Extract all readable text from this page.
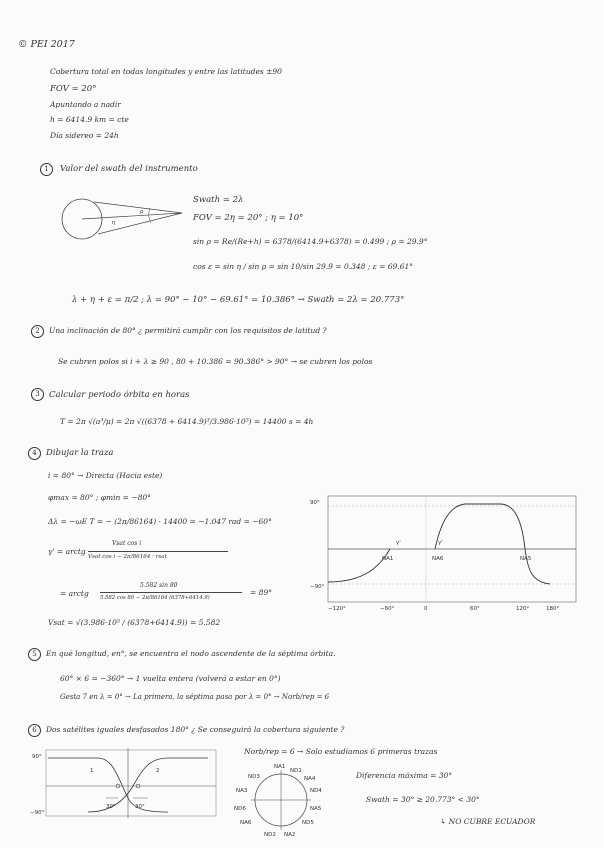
© PEI 2017
Cobertura total en todas longitudes y entre las latitudes ±90
FOV = 20°
Apuntando a nadir
h = 6414.9 km = cte
Día sidereo = 24h
1	Valor del swath del instrumento
η
ρ
Swath = 2λ
FOV = 2η = 20° ; η = 10°
sin ρ = Re/(Re+h) = 6378/(6414.9+6378) = 0.499 ; ρ = 29.9°
cos ε = sin η / sin ρ = sin 10/sin 29.9 = 0.348 ; ε = 69.61°
λ + η + ε = π/2 ; λ = 90° − 10° − 69.61° = 10.386° → Swath = 2λ = 20.773°
2	Una inclinación de 80° ¿ permitirá cumplir con los requisitos de latitud ?
Se cubren polos si i + λ ≥ 90 , 80 + 10.386 = 90.386° > 90° → se cubren los polos
3	Calcular periodo órbita en horas
T = 2π √(a³/μ) = 2π √((6378 + 6414.9)³/3.986·10⁵) = 14400 s = 4h
4	Dibujar la traza
i = 80° → Directa (Hacia este)
φmax = 80° ; φmin = −80°
Δλ = −ωE T = − (2π/86164) · 14400 = −1.047 rad = −60°
γ' = arctg
Vsat cos i
Vsat cos i − 2π/86164 · rsat
= arctg
5.582 sin 80
5.582 cos 80 − 2π/86164 (6378+6414.9)
= 89°
Vsat = √(3.986·10⁵ / (6378+6414.9)) = 5.582
90°
−90°
−120°	−60°	0	60°	120°	180°
NA1	NA6	NA5
γ'	γ'
5	En qué longitud, en°, se encuentra el nodo ascendente de la séptima órbita.
60° × 6 = −360° → 1 vuelta entera (volverá a estar en 0°)
Gesta 7 en λ = 0° → La primera, la séptima pasa por λ = 0° → Norb/rep = 6
6	Dos satélites iguales desfasados 180° ¿ Se conseguirá la cobertura siguiente ?
90°
−90°
1	2
30°	30°
Norb/rep = 6 → Solo estudiamos 6 primeras trazas
NA1
ND1
NA4
ND4
NA5
ND5
NA2
ND2
NA6
ND6
NA3
ND3	Diferencia máxima = 30°
Swath = 30° ≥ 20.773° < 30°
↳ NO CUBRE ECUADOR
